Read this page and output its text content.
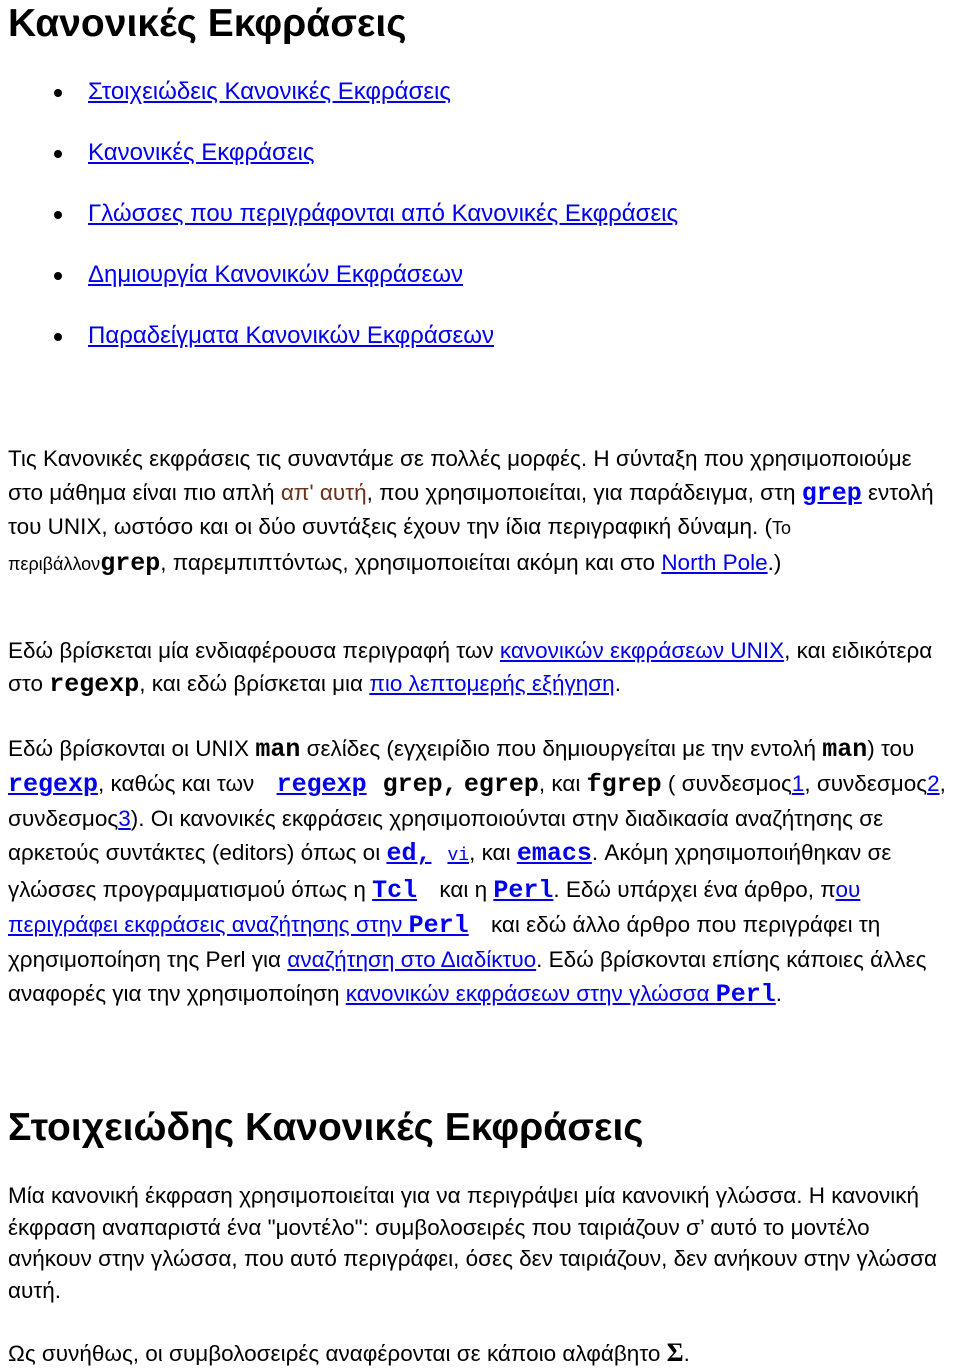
Κανονικές Εκφράσεις
Στοιχειώδεις Κανονικές Εκφράσεις
Κανονικές Εκφράσεις
Γλώσσες που περιγράφονται από Κανονικές Εκφράσεις
Δημιουργία Κανονικών Εκφράσεων
Παραδείγματα Κανονικών Εκφράσεων
Τις Κανονικές εκφράσεις τις συναντάμε σε πολλές μορφές. Η σύνταξη που χρησιμοποιούμε στο μάθημα είναι πιο απλή απ' αυτή, που χρησιμοποιείται, για παράδειγμα, στη grep εντολή του UNIX, ωστόσο και οι δύο συντάξεις έχουν την ίδια περιγραφική δύναμη. (Το περιβάλλονgrep, παρεμπιπτόντως, χρησιμοποιείται ακόμη και στο North Pole.)
Εδώ βρίσκεται μία ενδιαφέρουσα περιγραφή των κανονικών εκφράσεων UNIX, και ειδικότερα στο regexp, και εδώ βρίσκεται μια πιο λεπτομερής εξήγηση.
Εδώ βρίσκονται οι UNIX man σελίδες (εγχειρίδιο που δημιουργείται με την εντολή man) του regexp, καθώς και των regexp grep, egrep, και fgrep ( συνδεσμος1, συνδεσμος2, συνδεσμος3). Οι κανονικές εκφράσεις χρησιμοποιούνται στην διαδικασία αναζήτησης σε αρκετούς συντάκτες (editors) όπως οι ed, vi, και emacs. Ακόμη χρησιμοποιήθηκαν σε γλώσσες προγραμματισμού όπως η Tcl και η Perl. Εδώ υπάρχει ένα άρθρο, που περιγράφει εκφράσεις αναζήτησης στην Perl και εδώ άλλο άρθρο που περιγράφει τη χρησιμοποίηση της Perl για αναζήτηση στο Διαδίκτυο. Εδώ βρίσκονται επίσης κάποιες άλλες αναφορές για την χρησιμοποίηση κανονικών εκφράσεων στην γλώσσα Perl.
Στοιχειώδης Κανονικές Εκφράσεις
Μία κανονική έκφραση χρησιμοποιείται για να περιγράψει μία κανονική γλώσσα. Η κανονική έκφραση αναπαριστά ένα "μοντέλο": συμβολοσειρές που ταιριάζουν σ’ αυτό το μοντέλο ανήκουν στην γλώσσα, που αυτό περιγράφει, όσες δεν ταιριάζουν, δεν ανήκουν στην γλώσσα αυτή.
Ως συνήθως, οι συμβολοσειρές αναφέρονται σε κάποιο αλφάβητο Σ.
